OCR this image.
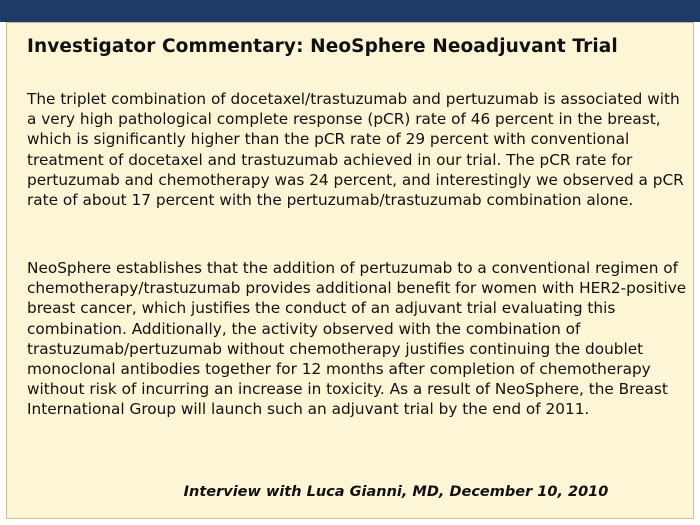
Investigator Commentary: NeoSphere Neoadjuvant Trial

The triplet combination of docetaxel/trastuzumab and pertuzumab is associated with a very high pathological complete response (pCR) rate of 46 percent in the breast, which is significantly higher than the pCR rate of 29 percent with conventional treatment of docetaxel and trastuzumab achieved in our trial. The pCR rate for pertuzumab and chemotherapy was 24 percent, and interestingly we observed a pCR rate of about 17 percent with the pertuzumab/trastuzumab combination alone.

NeoSphere establishes that the addition of pertuzumab to a conventional regimen of chemotherapy/trastuzumab provides additional benefit for women with HER2-positive breast cancer, which justifies the conduct of an adjuvant trial evaluating this combination. Additionally, the activity observed with the combination of trastuzumab/pertuzumab without chemotherapy justifies continuing the doublet monoclonal antibodies together for 12 months after completion of chemotherapy without risk of incurring an increase in toxicity. As a result of NeoSphere, the Breast International Group will launch such an adjuvant trial by the end of 2011.

Interview with Luca Gianni, MD, December 10, 2010
